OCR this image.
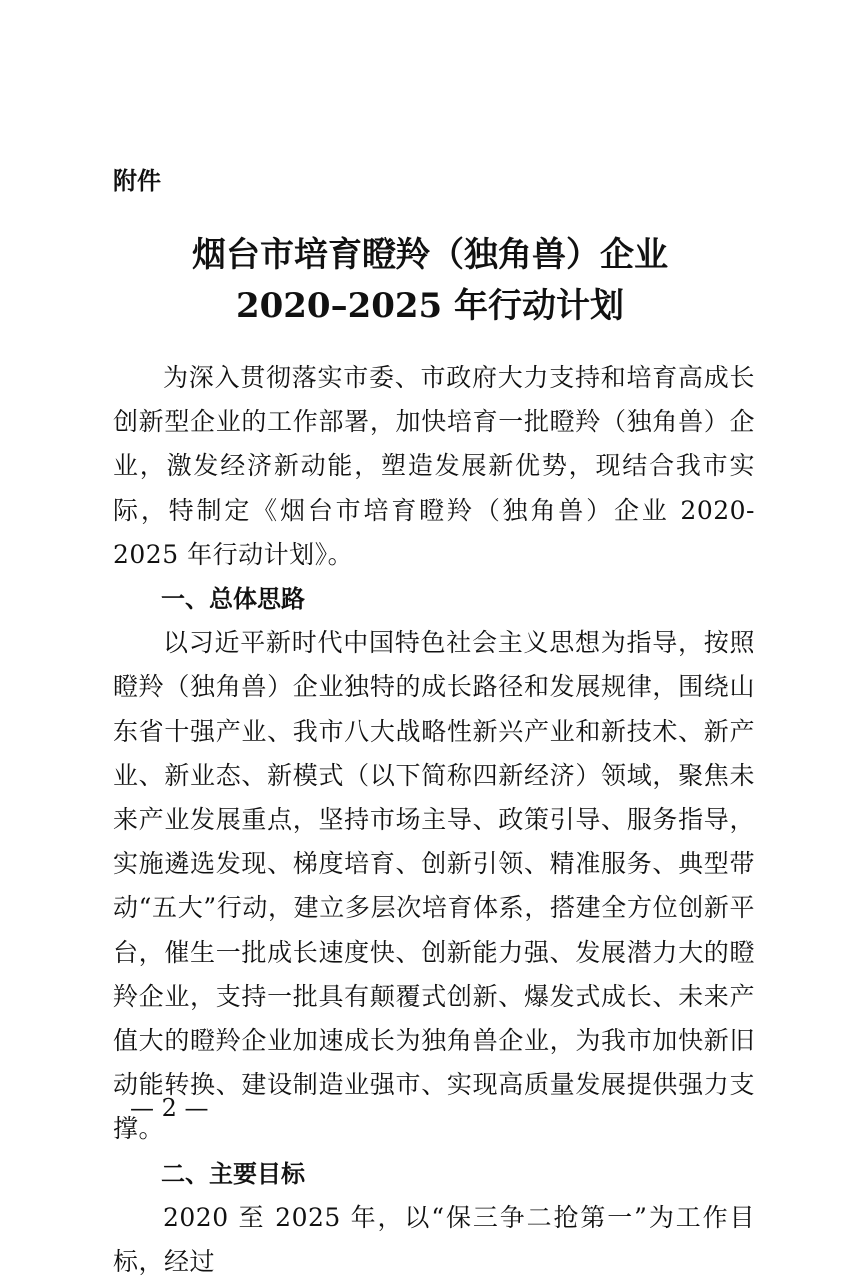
附件
烟台市培育瞪羚（独角兽）企业
2020–2025 年行动计划

为深入贯彻落实市委、市政府大力支持和培育高成长创新型企业的工作部署，加快培育一批瞪羚（独角兽）企业，激发经济新动能，塑造发展新优势，现结合我市实际，特制定《烟台市培育瞪羚（独角兽）企业 2020-2025 年行动计划》。

一、总体思路

以习近平新时代中国特色社会主义思想为指导，按照瞪羚（独角兽）企业独特的成长路径和发展规律，围绕山东省十强产业、我市八大战略性新兴产业和新技术、新产业、新业态、新模式（以下简称四新经济）领域，聚焦未来产业发展重点，坚持市场主导、政策引导、服务指导，实施遴选发现、梯度培育、创新引领、精准服务、典型带动“五大”行动，建立多层次培育体系，搭建全方位创新平台，催生一批成长速度快、创新能力强、发展潜力大的瞪羚企业，支持一批具有颠覆式创新、爆发式成长、未来产值大的瞪羚企业加速成长为独角兽企业，为我市加快新旧动能转换、建设制造业强市、实现高质量发展提供强力支撑。

二、主要目标

2020 至 2025 年，以“保三争二抢第一”为工作目标，经过

— 2 —
